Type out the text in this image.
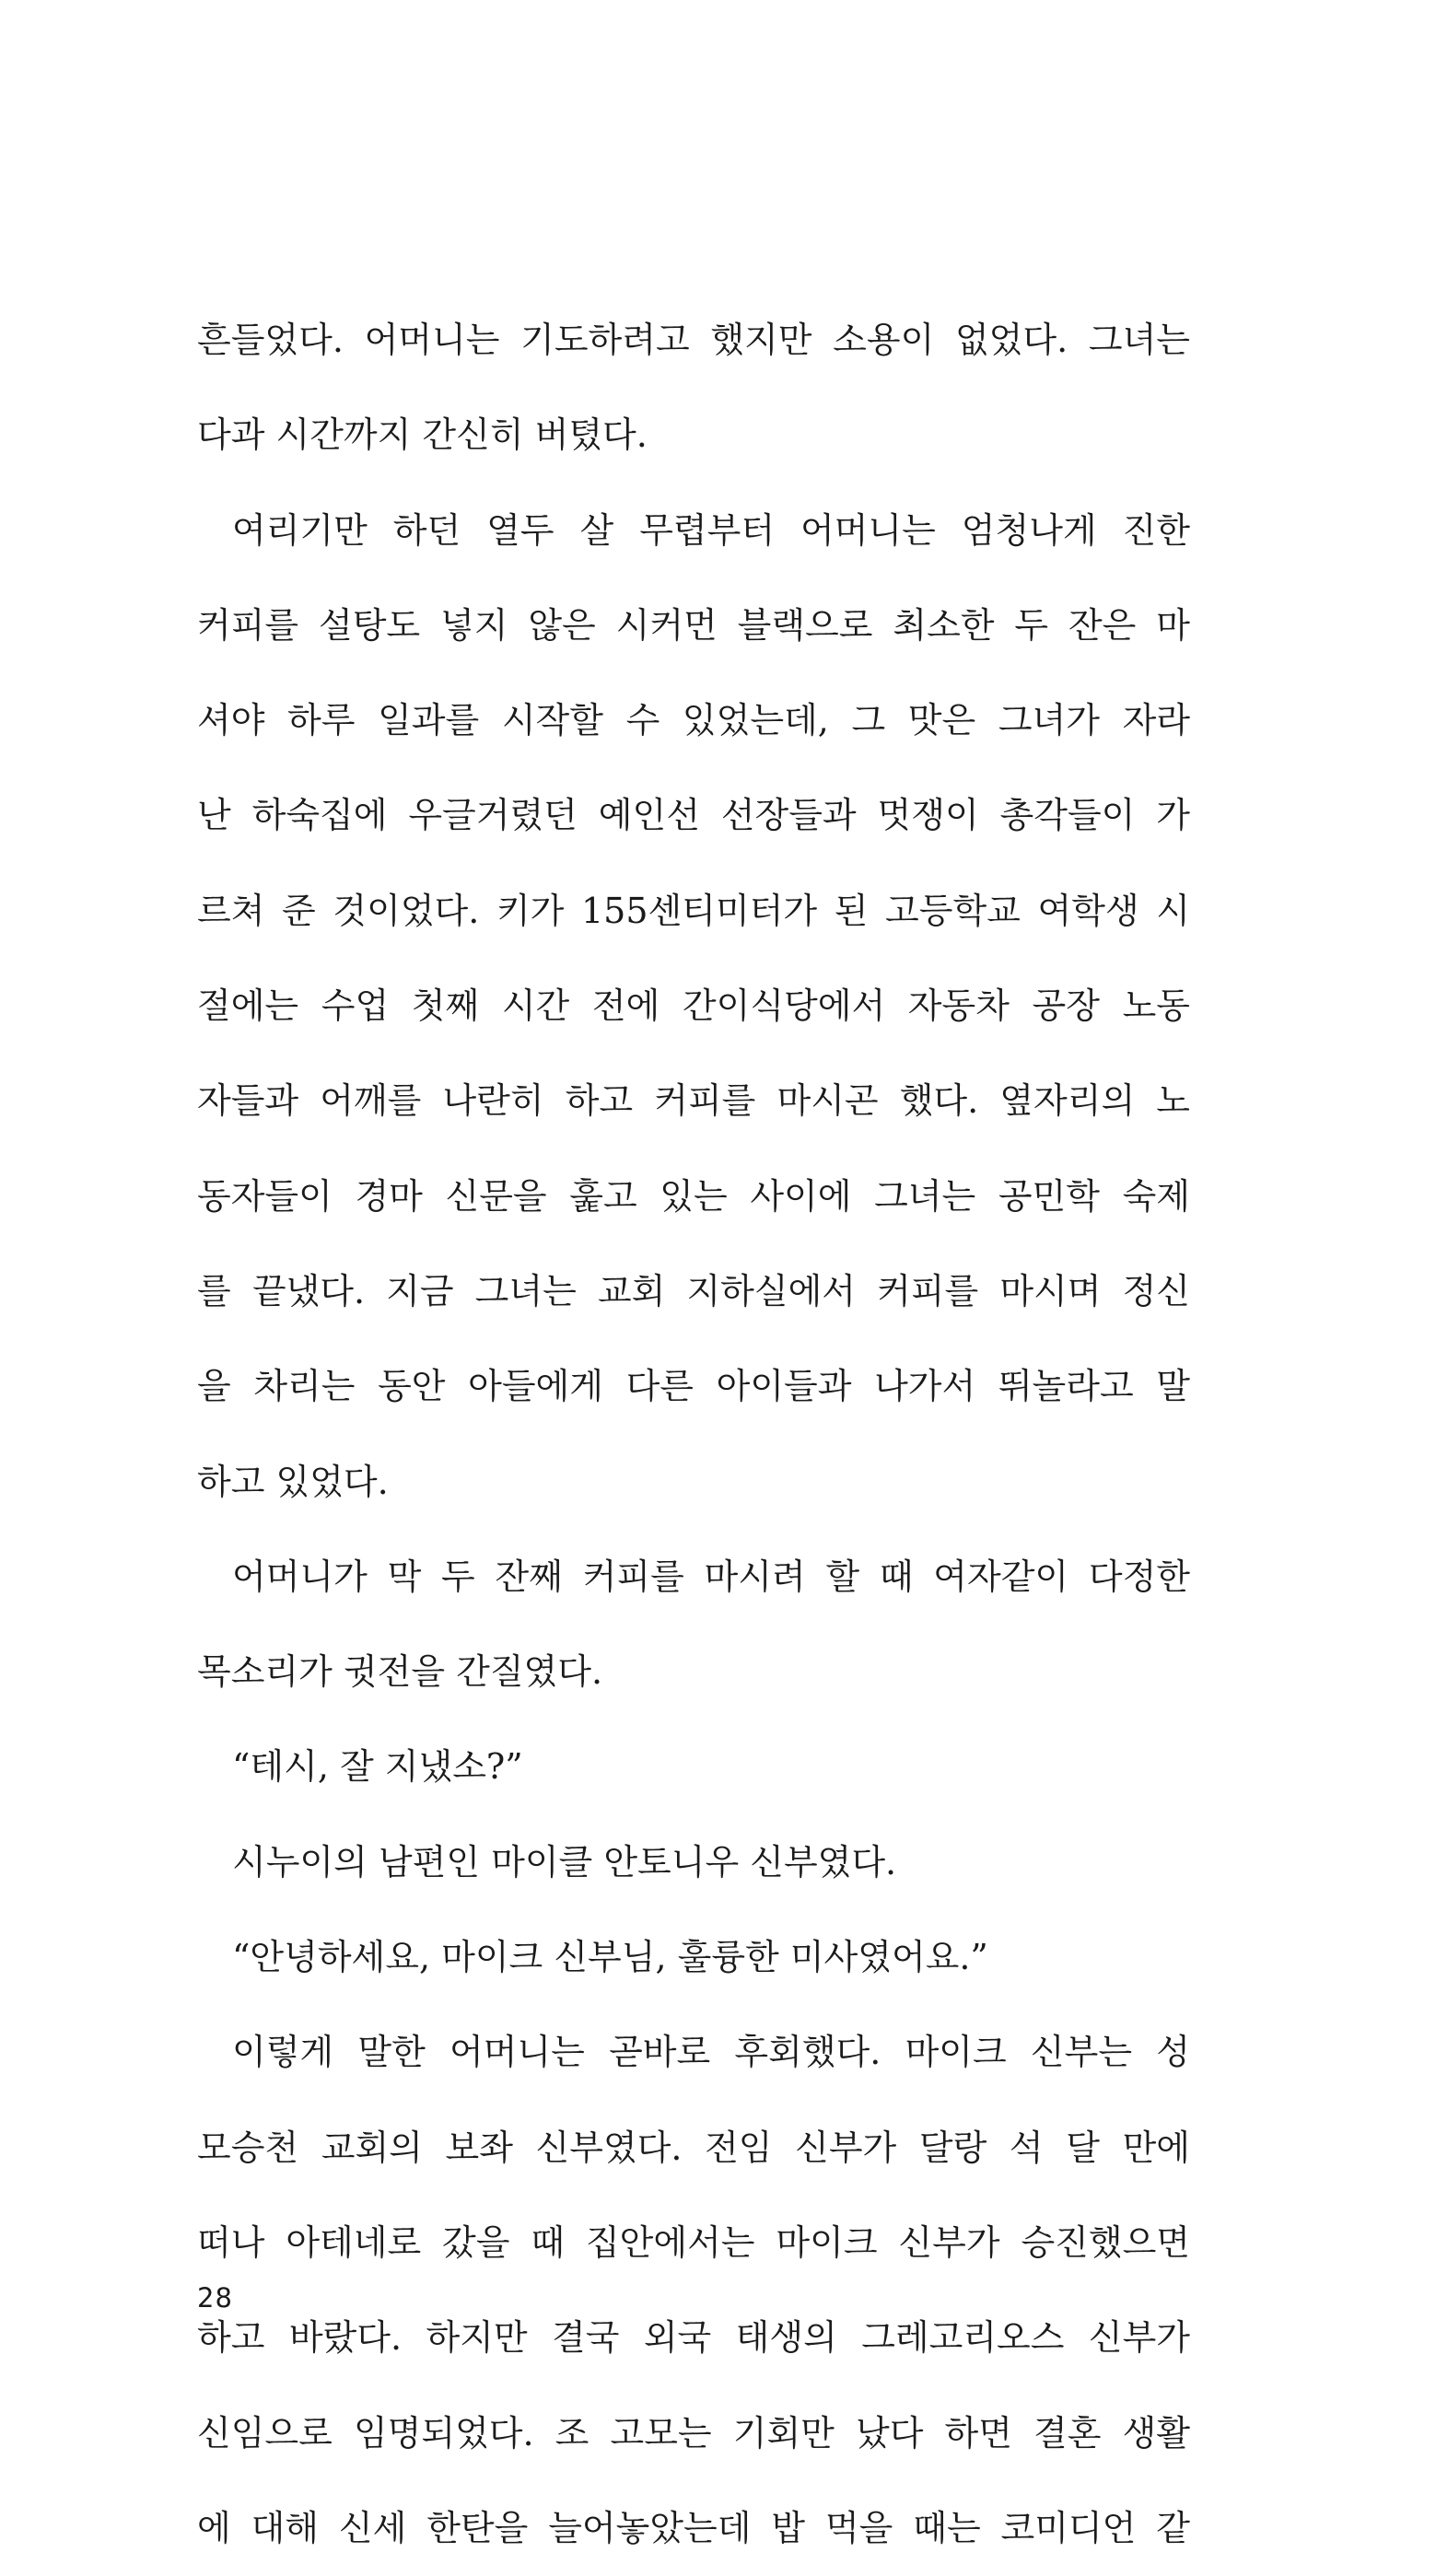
흔들었다. 어머니는 기도하려고 했지만 소용이 없었다. 그녀는
다과 시간까지 간신히 버텼다.
여리기만 하던 열두 살 무렵부터 어머니는 엄청나게 진한
커피를 설탕도 넣지 않은 시커먼 블랙으로 최소한 두 잔은 마
셔야 하루 일과를 시작할 수 있었는데, 그 맛은 그녀가 자라
난 하숙집에 우글거렸던 예인선 선장들과 멋쟁이 총각들이 가
르쳐 준 것이었다. 키가 155센티미터가 된 고등학교 여학생 시
절에는 수업 첫째 시간 전에 간이식당에서 자동차 공장 노동
자들과 어깨를 나란히 하고 커피를 마시곤 했다. 옆자리의 노
동자들이 경마 신문을 훑고 있는 사이에 그녀는 공민학 숙제
를 끝냈다. 지금 그녀는 교회 지하실에서 커피를 마시며 정신
을 차리는 동안 아들에게 다른 아이들과 나가서 뛰놀라고 말
하고 있었다.
어머니가 막 두 잔째 커피를 마시려 할 때 여자같이 다정한
목소리가 귓전을 간질였다.
“테시, 잘 지냈소?”
시누이의 남편인 마이클 안토니우 신부였다.
“안녕하세요, 마이크 신부님, 훌륭한 미사였어요.”
이렇게 말한 어머니는 곧바로 후회했다. 마이크 신부는 성
모승천 교회의 보좌 신부였다. 전임 신부가 달랑 석 달 만에
떠나 아테네로 갔을 때 집안에서는 마이크 신부가 승진했으면
하고 바랐다. 하지만 결국 외국 태생의 그레고리오스 신부가
신임으로 임명되었다. 조 고모는 기회만 났다 하면 결혼 생활
에 대해 신세 한탄을 늘어놓았는데 밥 먹을 때는 코미디언 같
28
